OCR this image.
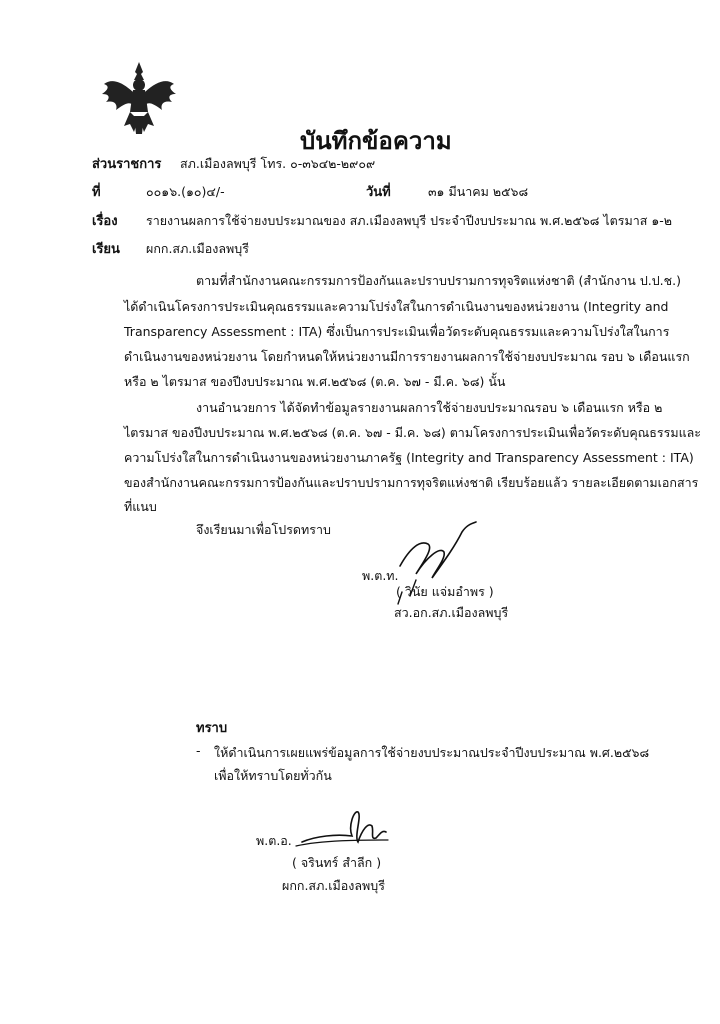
บันทึกข้อความ
ส่วนราชการ สภ.เมืองลพบุรี โทร. ๐-๓๖๔๒-๒๙๐๙
ที่	๐๐๑๖.(๑๐)๔/-	วันที่	๓๑ มีนาคม ๒๕๖๘
เรื่อง รายงานผลการใช้จ่ายงบประมาณของ สภ.เมืองลพบุรี ประจำปีงบประมาณ พ.ศ.๒๕๖๘ ไตรมาส ๑-๒
เรียน ผกก.สภ.เมืองลพบุรี
ตามที่สำนักงานคณะกรรมการป้องกันและปราบปรามการทุจริตแห่งชาติ (สำนักงาน ป.ป.ช.)
ได้ดำเนินโครงการประเมินคุณธรรมและความโปร่งใสในการดำเนินงานของหน่วยงาน (Integrity and
Transparency Assessment : ITA) ซึ่งเป็นการประเมินเพื่อวัดระดับคุณธรรมและความโปร่งใสในการ
ดำเนินงานของหน่วยงาน โดยกำหนดให้หน่วยงานมีการรายงานผลการใช้จ่ายงบประมาณ รอบ ๖ เดือนแรก
หรือ ๒ ไตรมาส ของปีงบประมาณ พ.ศ.๒๕๖๘ (ต.ค. ๖๗ - มี.ค. ๖๘) นั้น
งานอำนวยการ ได้จัดทำข้อมูลรายงานผลการใช้จ่ายงบประมาณรอบ ๖ เดือนแรก หรือ ๒
ไตรมาส ของปีงบประมาณ พ.ศ.๒๕๖๘ (ต.ค. ๖๗ - มี.ค. ๖๘) ตามโครงการประเมินเพื่อวัดระดับคุณธรรมและ
ความโปร่งใสในการดำเนินงานของหน่วยงานภาครัฐ (Integrity and Transparency Assessment : ITA)
ของสำนักงานคณะกรรมการป้องกันและปราบปรามการทุจริตแห่งชาติ เรียบร้อยแล้ว รายละเอียดตามเอกสาร
ที่แนบ
จึงเรียนมาเพื่อโปรดทราบ
พ.ต.ท.
( วินัย แจ่มอำพร )
สว.อก.สภ.เมืองลพบุรี
ทราบ
- ให้ดำเนินการเผยแพร่ข้อมูลการใช้จ่ายงบประมาณประจำปีงบประมาณ พ.ศ.๒๕๖๘
เพื่อให้ทราบโดยทั่วกัน
พ.ต.อ.
( จรินทร์ สำลีก )
ผกก.สภ.เมืองลพบุรี
